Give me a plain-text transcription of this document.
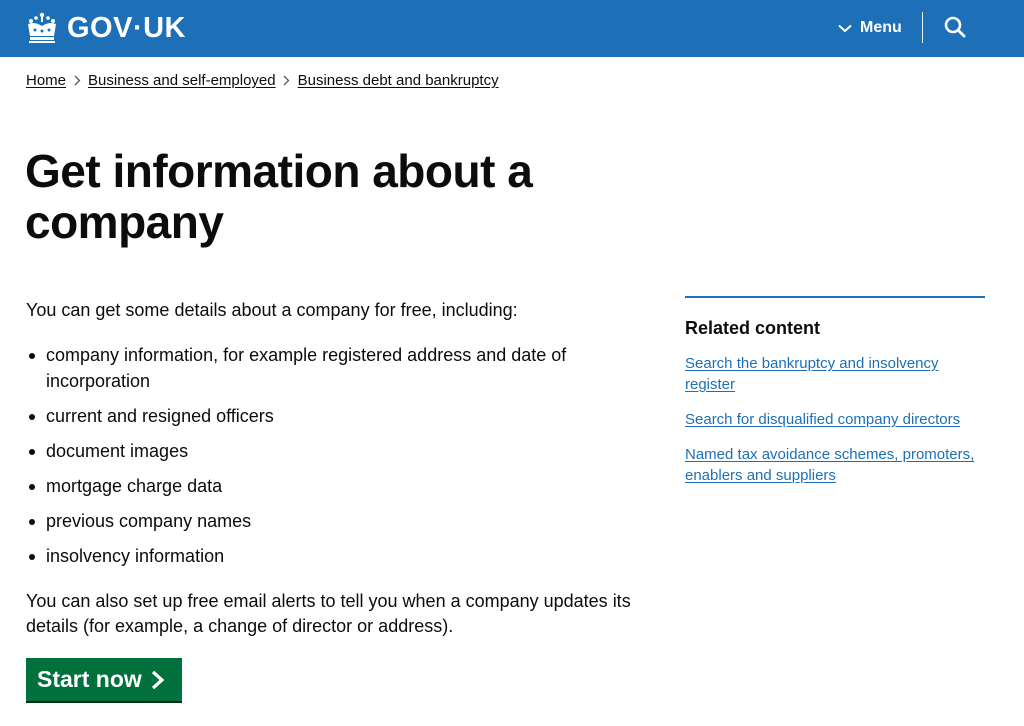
GOV·UK	Menu
Home Business and self-employed Business debt and bankruptcy
Get information about a company

You can get some details about a company for free, including:

company information, for example registered address and date of incorporation
current and resigned officers
document images
mortgage charge data
previous company names
insolvency information

You can also set up free email alerts to tell you when a company updates its details (for example, a change of director or address).

Start now
Related content
Search the bankruptcy and insolvency register
Search for disqualified company directors
Named tax avoidance schemes, promoters, enablers and suppliers
